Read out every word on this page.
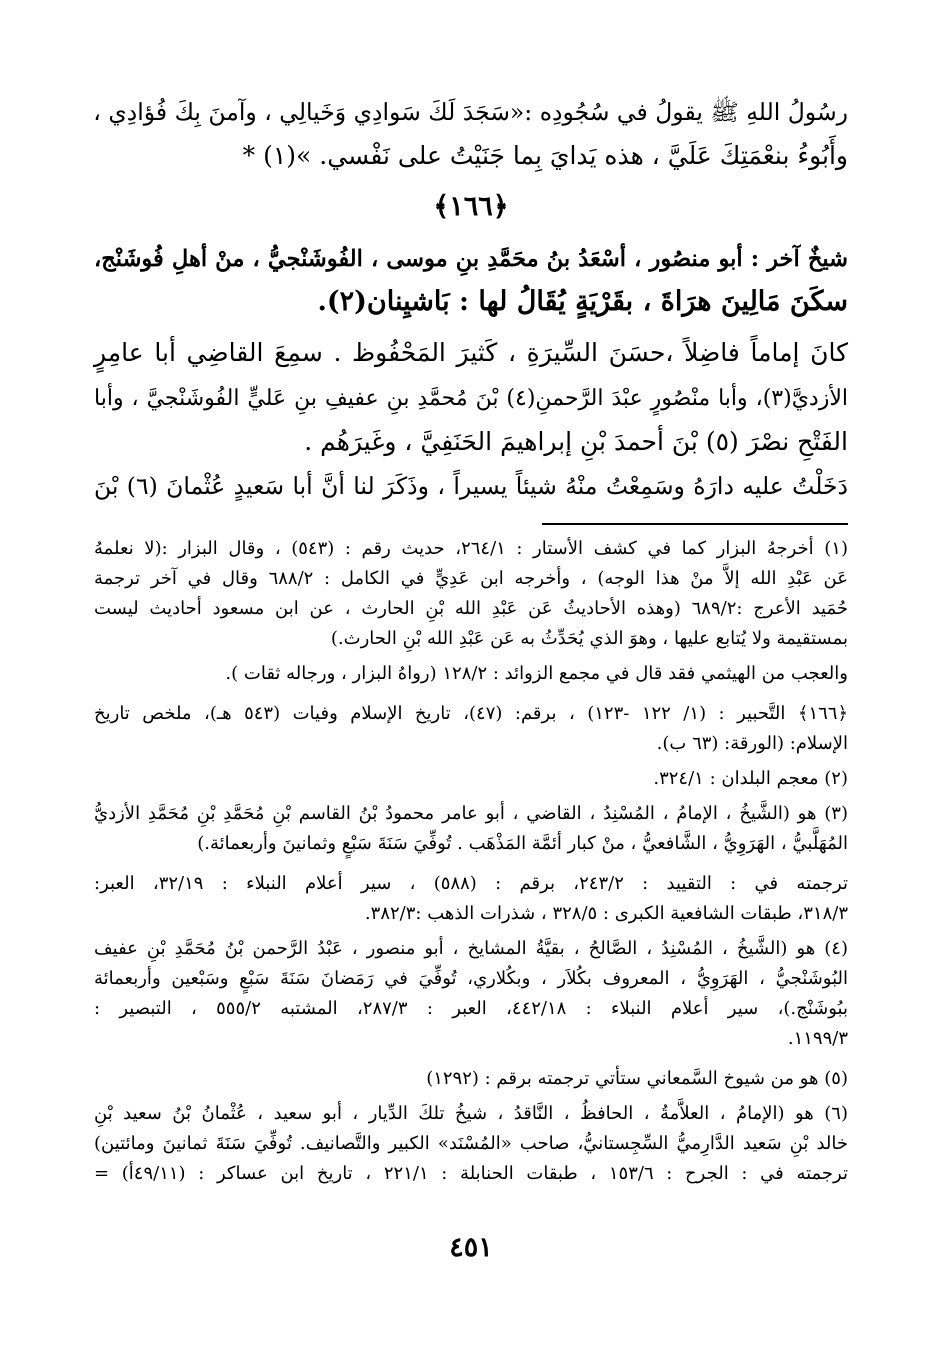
رسُولُ اللهِ ﷺ يقولُ في سُجُودِه :«سَجَدَ لَكَ سَوادِي وَخَيالِي ، وآمنَ بِكَ فُؤادِي ،
وأَبُوءُ بنعْمَتِكَ عَلَيَّ ، هذه يَدايَ بِما جَنَيْتُ على نَفْسي. »(١) *
﴿١٦٦﴾
شيخٌ آخر : أبو منصُور ، أسْعَدُ بنُ محَمَّدِ بنِ موسى ، الفُوشَنْجيُّ ، منْ أهلِ فُوشَنْج،
سكَنَ مَالِينَ هرَاةَ ، بقَرْيَةٍ يُقَالُ لها : بَاشيِنان(٢).
كانَ إماماً فاضِلاً ،حسَنَ السِّيرَةِ ، كَثيرَ المَحْفُوظ . سمِعَ القاضِي أبا عامِرٍ
الأزديَّ(٣)، وأبا منْصُورٍ عبْدَ الرَّحمنِ(٤) بْنَ مُحمَّدِ بنِ عفيفِ بنِ عَليٍّ الفُوشَنْجيَّ ، وأبا
الفَتْحِ نصْرَ (٥) بْنَ أحمدَ بْنِ إبراهيمَ الحَنَفِيَّ ، وغَيرَهُم .
دَخَلْتُ عليه دارَهُ وسَمِعْتُ منْهُ شيئاً يسيراً ، وذَكَرَ لنا أنَّ أبا سَعيدٍ عُثْمانَ (٦) بْنَ
(١) أخرجهُ البزار كما في كشف الأستار : ٢٦٤/١، حديث رقم : (٥٤٣) ، وقال البزار :(لا نعلمهُ
عَن عَبْدِ الله إلاَّ منْ هذا الوجه) ، وأخرجه ابن عَدِيٍّ في الكامل : ٦٨٨/٢ وقال في آخر ترجمة
حُمَيد الأعرج :٦٨٩/٢ (وهذه الأحاديثُ عَن عَبْدِ الله بْنِ الحارث ، عن ابن مسعود أحاديث ليست
بمستقيمة ولا يُتابع عليها ، وهوَ الذي يُحَدِّثُ به عَن عَبْدِ الله بْنِ الحارث.)
والعجب من الهيثمي فقد قال في مجمع الزوائد : ١٢٨/٢ (رواهُ البزار ، ورجاله ثقات ).
﴿١٦٦﴾ التَّحبير : (١/ ١٢٢ -١٢٣) ، برقم: (٤٧)، تاريخ الإسلام وفيات (٥٤٣ هـ)، ملخص تاريخ
الإسلام: (الورقة: (٦٣ ب).
(٢) معجم البلدان : ٣٢٤/١.
(٣) هو (الشَّيخُ ، الإمامُ ، المُسْنِدُ ، القاضي ، أبو عامر محمودُ بْنُ القاسم بْنِ مُحَمَّدِ بْنِ مُحَمَّدِ الأزديُّ
المُهَلَّبيُّ ، الهَرَوِيُّ ، الشَّافعيُّ ، منْ كبار أئمَّة المَذْهَب . تُوفِّيَ سَنَةَ سَبْعٍ وثمانينَ وأربعمائة.)
ترجمته في : التقييد : ٢٤٣/٢، برقم : (٥٨٨) ، سير أعلام النبلاء : ٣٢/١٩، العبر:
٣١٨/٣، طبقات الشافعية الكبرى : ٣٢٨/٥ ، شذرات الذهب :٣٨٢/٣.
(٤) هو (الشَّيخُ ، المُسْنِدُ ، الصَّالحُ ، بقيَّةُ المشايخ ، أبو منصور ، عَبْدُ الرَّحمن بْنُ مُحَمَّدِ بْنِ عفيف
البُوشَنْجيُّ ، الهَرَوِيُّ ، المعروف بكُلاَر ، وبكُلاري، تُوفِّيَ في رَمَضانَ سَنَةَ سَبْعٍ وسَبْعين وأربعمائة
ببُوشَنْج.)، سير أعلام النبلاء : ٤٤٢/١٨، العبر : ٢٨٧/٣، المشتبه ٥٥٥/٢ ، التبصير :
١١٩٩/٣.
(٥) هو من شيوخ السَّمعاني ستأتي ترجمته برقم : (١٢٩٢)
(٦) هو (الإمامُ ، العلاَّمةُ ، الحافظُ ، النَّاقدُ ، شيخُ تلكَ الدِّيار ، أبو سعيد ، عُثْمانُ بْنُ سعيد بْنِ
خالد بْنِ سَعيد الدَّارِميُّ السِّجِستانيُّ، صاحب «المُسْنَد» الكبير والتَّصانيف. تُوفِّيَ سَنَةَ ثمانينَ ومائتين)
ترجمته في : الجرح : ١٥٣/٦ ، طبقات الحنابلة : ٢٢١/١ ، تاريخ ابن عساكر : (٤٩/١١أ) =
٤٥١
